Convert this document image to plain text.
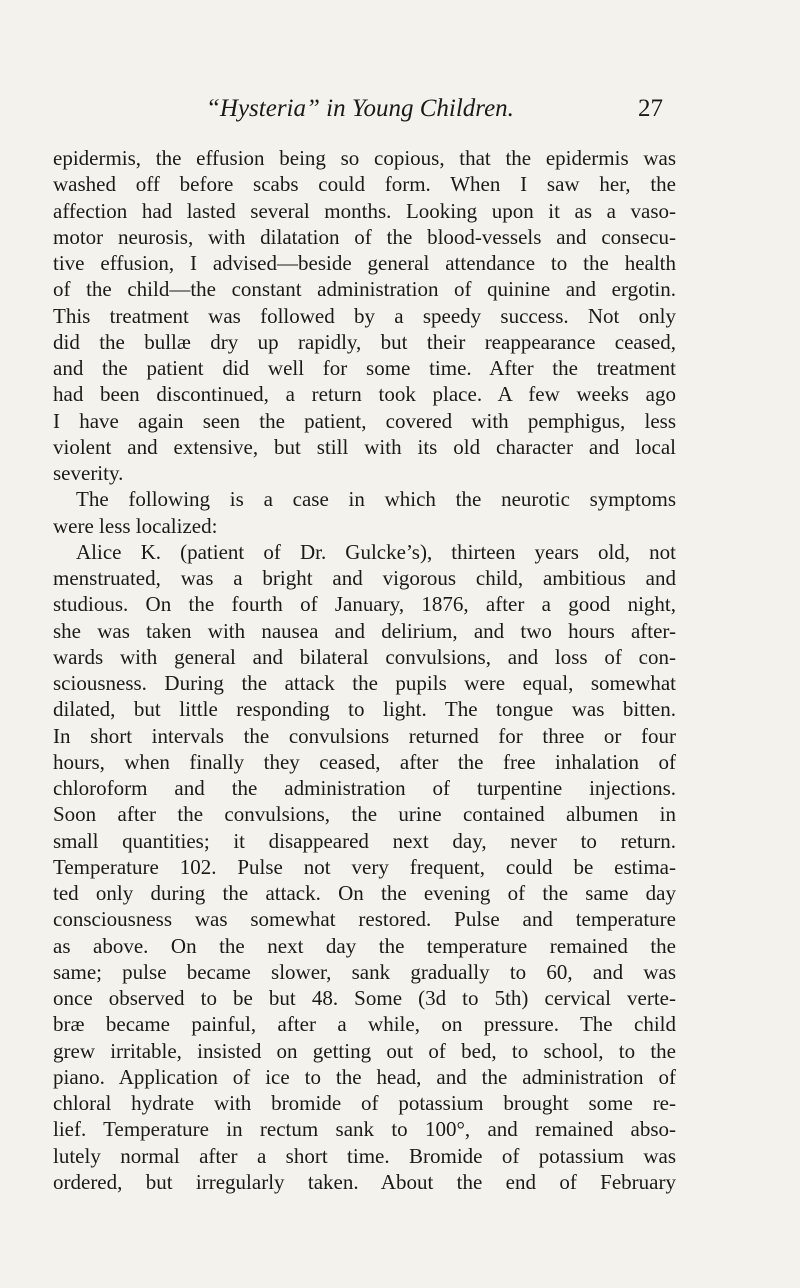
“Hysteria” in Young Children.	27
epidermis, the effusion being so copious, that the epidermis was
washed off before scabs could form. When I saw her, the
affection had lasted several months. Looking upon it as a vaso-
motor neurosis, with dilatation of the blood-vessels and consecu-
tive effusion, I advised—beside general attendance to the health
of the child—the constant administration of quinine and ergotin.
This treatment was followed by a speedy success. Not only
did the bullæ dry up rapidly, but their reappearance ceased,
and the patient did well for some time. After the treatment
had been discontinued, a return took place. A few weeks ago
I have again seen the patient, covered with pemphigus, less
violent and extensive, but still with its old character and local
severity.
The following is a case in which the neurotic symptoms
were less localized:
Alice K. (patient of Dr. Gulcke’s), thirteen years old, not
menstruated, was a bright and vigorous child, ambitious and
studious. On the fourth of January, 1876, after a good night,
she was taken with nausea and delirium, and two hours after-
wards with general and bilateral convulsions, and loss of con-
sciousness. During the attack the pupils were equal, somewhat
dilated, but little responding to light. The tongue was bitten.
In short intervals the convulsions returned for three or four
hours, when finally they ceased, after the free inhalation of
chloroform and the administration of turpentine injections.
Soon after the convulsions, the urine contained albumen in
small quantities; it disappeared next day, never to return.
Temperature 102. Pulse not very frequent, could be estima-
ted only during the attack. On the evening of the same day
consciousness was somewhat restored. Pulse and temperature
as above. On the next day the temperature remained the
same; pulse became slower, sank gradually to 60, and was
once observed to be but 48. Some (3d to 5th) cervical verte-
bræ became painful, after a while, on pressure. The child
grew irritable, insisted on getting out of bed, to school, to the
piano. Application of ice to the head, and the administration of
chloral hydrate with bromide of potassium brought some re-
lief. Temperature in rectum sank to 100°, and remained abso-
lutely normal after a short time. Bromide of potassium was
ordered, but irregularly taken. About the end of February
